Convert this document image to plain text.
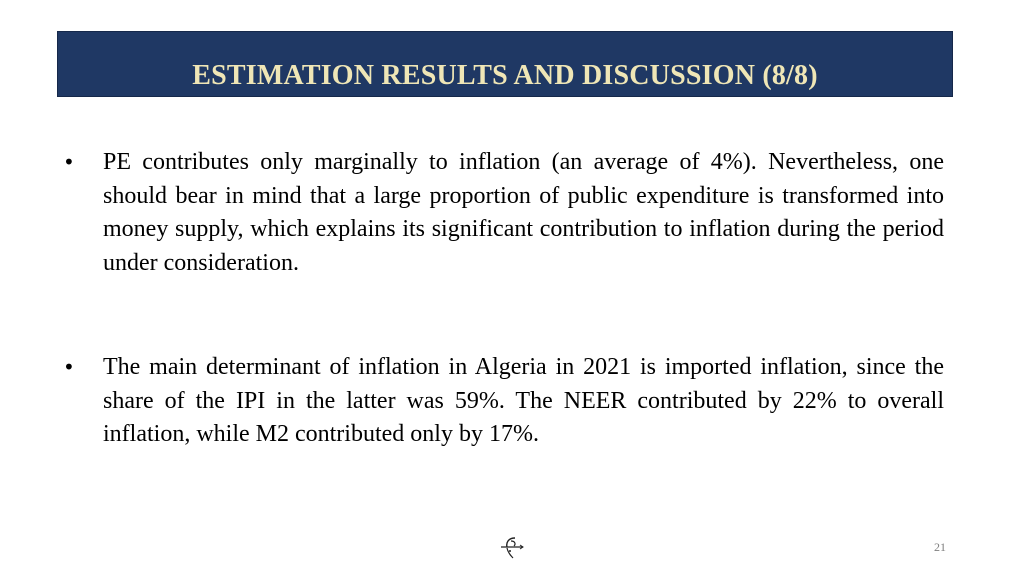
ESTIMATION RESULTS AND DISCUSSION (8/8)
• PE contributes only marginally to inflation (an average of 4%). Nevertheless, one should bear in mind that a large proportion of public expenditure is transformed into money supply, which explains its significant contribution to inflation during the period under consideration.
• The main determinant of inflation in Algeria in 2021 is imported inflation, since the share of the IPI in the latter was 59%. The NEER contributed by 22% to overall inflation, while M2 contributed only by 17%.
21
